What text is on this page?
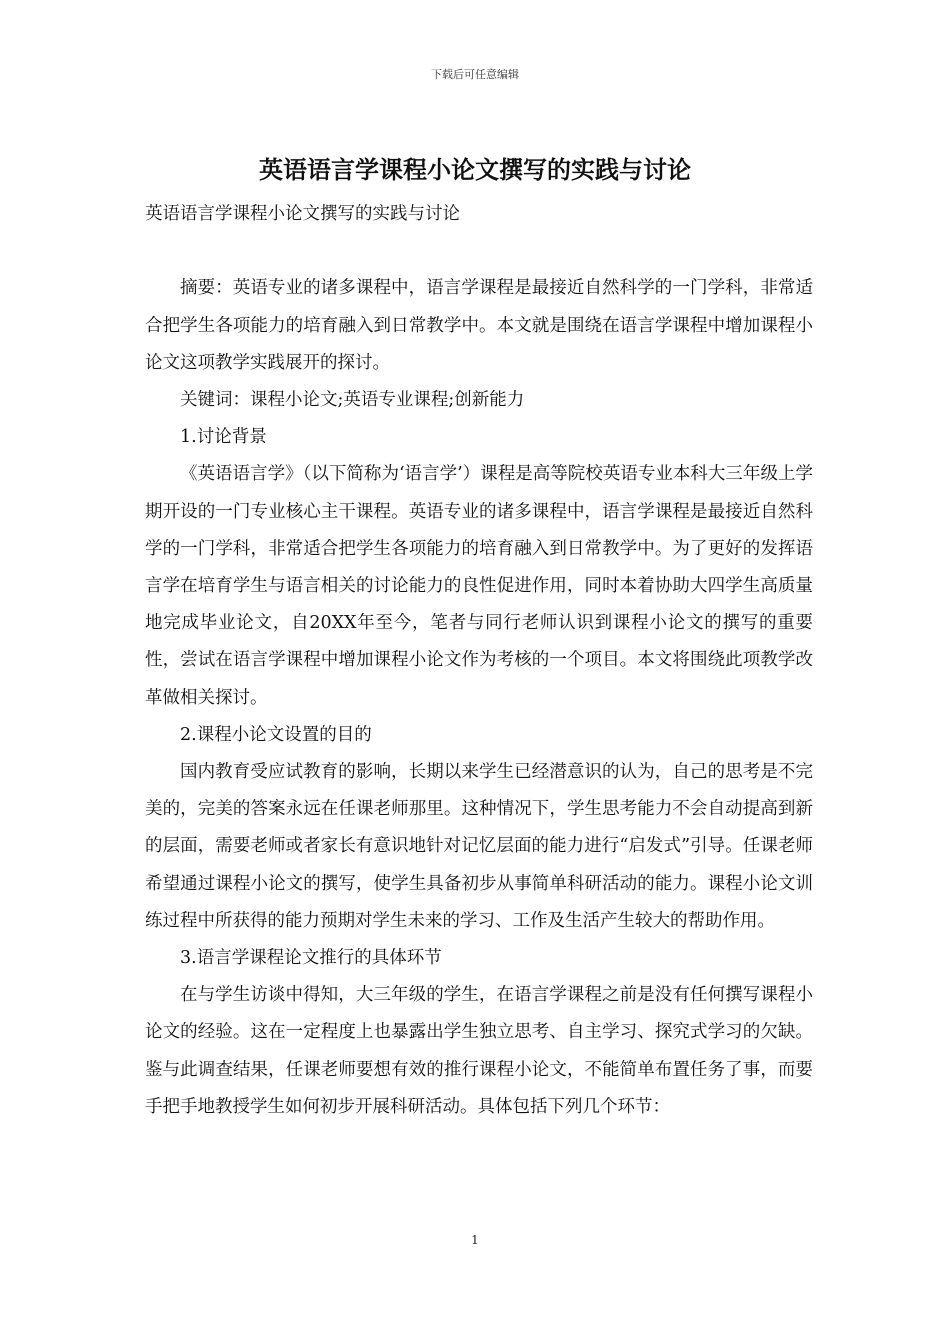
下载后可任意编辑
英语语言学课程小论文撰写的实践与讨论

英语语言学课程小论文撰写的实践与讨论

摘要：英语专业的诸多课程中，语言学课程是最接近自然科学的一门学科，非常适合把学生各项能力的培育融入到日常教学中。本文就是围绕在语言学课程中增加课程小论文这项教学实践展开的探讨。

关键词：课程小论文;英语专业课程;创新能力

1.讨论背景

《英语语言学》（以下简称为‘语言学’）课程是高等院校英语专业本科大三年级上学期开设的一门专业核心主干课程。英语专业的诸多课程中，语言学课程是最接近自然科学的一门学科，非常适合把学生各项能力的培育融入到日常教学中。为了更好的发挥语言学在培育学生与语言相关的讨论能力的良性促进作用，同时本着协助大四学生高质量地完成毕业论文，自20XX年至今，笔者与同行老师认识到课程小论文的撰写的重要性，尝试在语言学课程中增加课程小论文作为考核的一个项目。本文将围绕此项教学改革做相关探讨。

2.课程小论文设置的目的

国内教育受应试教育的影响，长期以来学生已经潜意识的认为，自己的思考是不完美的，完美的答案永远在任课老师那里。这种情况下，学生思考能力不会自动提高到新的层面，需要老师或者家长有意识地针对记忆层面的能力进行“启发式”引导。任课老师希望通过课程小论文的撰写，使学生具备初步从事简单科研活动的能力。课程小论文训练过程中所获得的能力预期对学生未来的学习、工作及生活产生较大的帮助作用。

3.语言学课程论文推行的具体环节

在与学生访谈中得知，大三年级的学生，在语言学课程之前是没有任何撰写课程小论文的经验。这在一定程度上也暴露出学生独立思考、自主学习、探究式学习的欠缺。鉴与此调查结果，任课老师要想有效的推行课程小论文，不能简单布置任务了事，而要手把手地教授学生如何初步开展科研活动。具体包括下列几个环节：

1
